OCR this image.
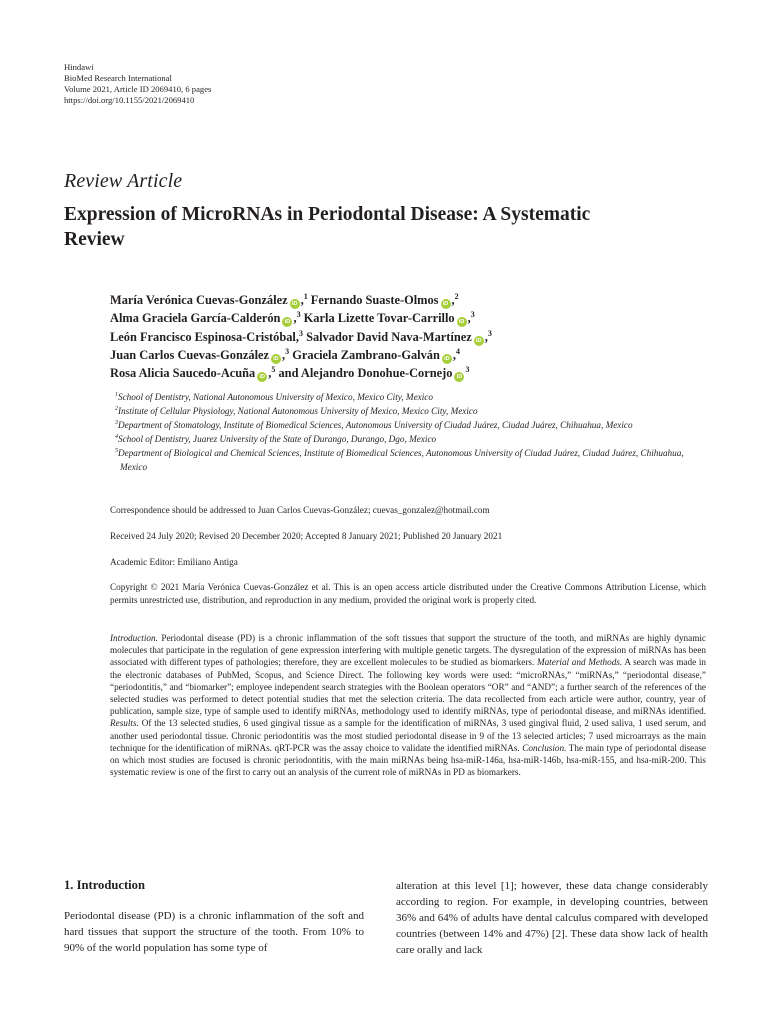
Hindawi
BioMed Research International
Volume 2021, Article ID 2069410, 6 pages
https://doi.org/10.1155/2021/2069410
Review Article
Expression of MicroRNAs in Periodontal Disease: A Systematic Review
María Verónica Cuevas-González iD ,$^1$ Fernando Suaste-Olmos iD ,$^2$
Alma Graciela García-Calderón iD ,$^3$ Karla Lizette Tovar-Carrillo iD ,$^3$
León Francisco Espinosa-Cristóbal,$^3$ Salvador David Nava-Martínez iD ,$^3$
Juan Carlos Cuevas-González iD ,$^3$ Graciela Zambrano-Galván iD ,$^4$
Rosa Alicia Saucedo-Acuña iD ,$^5$ and Alejandro Donohue-Cornejo $iD^3$
$^1$School of Dentistry, National Autonomous University of Mexico, Mexico City, Mexico
$^2$Institute of Cellular Physiology, National Autonomous University of Mexico, Mexico City, Mexico
$^3$Department of Stomatology, Institute of Biomedical Sciences, Autonomous University of Ciudad Juárez, Ciudad Juárez, Chihuahua, Mexico
$^4$School of Dentistry, Juarez University of the State of Durango, Durango, Dgo, Mexico
$^5$Department of Biological and Chemical Sciences, Institute of Biomedical Sciences, Autonomous University of Ciudad Juárez, Ciudad Juárez, Chihuahua, Mexico
Correspondence should be addressed to Juan Carlos Cuevas-González; cuevas_gonzalez@hotmail.com
Received 24 July 2020; Revised 20 December 2020; Accepted 8 January 2021; Published 20 January 2021
Academic Editor: Emiliano Antiga
Copyright © 2021 María Verónica Cuevas-González et al. This is an open access article distributed under the Creative Commons Attribution License, which permits unrestricted use, distribution, and reproduction in any medium, provided the original work is properly cited.
Introduction. Periodontal disease (PD) is a chronic inflammation of the soft tissues that support the structure of the tooth, and miRNAs are highly dynamic molecules that participate in the regulation of gene expression interfering with multiple genetic targets. The dysregulation of the expression of miRNAs has been associated with different types of pathologies; therefore, they are excellent molecules to be studied as biomarkers. Material and Methods. A search was made in the electronic databases of PubMed, Scopus, and Science Direct. The following key words were used: “microRNAs,” “miRNAs,” “periodontal disease,” “periodontitis,” and “biomarker”; employee independent search strategies with the Boolean operators “OR” and “AND”; a further search of the references of the selected studies was performed to detect potential studies that met the selection criteria. The data recollected from each article were author, country, year of publication, sample size, type of sample used to identify miRNAs, methodology used to identify miRNAs, type of periodontal disease, and miRNAs identified. Results. Of the 13 selected studies, 6 used gingival tissue as a sample for the identification of miRNAs, 3 used gingival fluid, 2 used saliva, 1 used serum, and another used periodontal tissue. Chronic periodontitis was the most studied periodontal disease in 9 of the 13 selected articles; 7 used microarrays as the main technique for the identification of miRNAs. qRT-PCR was the assay choice to validate the identified miRNAs. Conclusion. The main type of periodontal disease on which most studies are focused is chronic periodontitis, with the main miRNAs being hsa-miR-146a, hsa-miR-146b, hsa-miR-155, and hsa-miR-200. This systematic review is one of the first to carry out an analysis of the current role of miRNAs in PD as biomarkers.
1. Introduction
Periodontal disease (PD) is a chronic inflammation of the soft and hard tissues that support the structure of the tooth. From 10% to 90% of the world population has some type of
alteration at this level [1]; however, these data change considerably according to region. For example, in developing countries, between 36% and 64% of adults have dental calculus compared with developed countries (between 14% and 47%) [2]. These data show lack of health care orally and lack
